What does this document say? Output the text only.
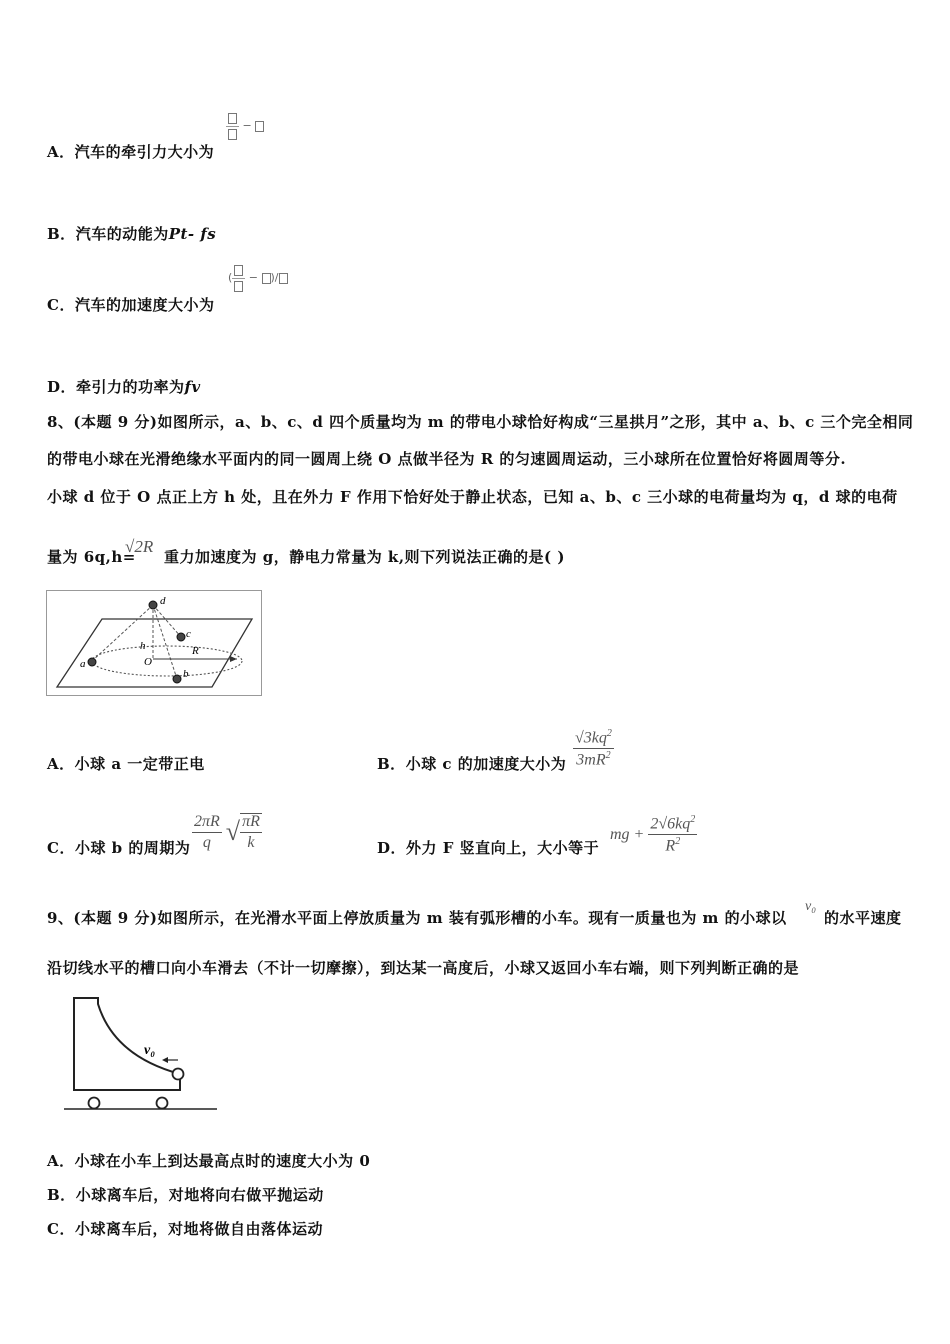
−
A．汽车的牵引力大小为
B．汽车的动能为Pt- fs
(
− )/
C．汽车的加速度大小为
D．牵引力的功率为fv
8、(本题 9 分)如图所示，a、b、c、d 四个质量均为 m 的带电小球恰好构成“三星拱月”之形，其中 a、b、c 三个完全相同
的带电小球在光滑绝缘水平面内的同一圆周上绕 O 点做半径为 R 的匀速圆周运动，三小球所在位置恰好将圆周等分.
小球 d 位于 O 点正上方 h 处，且在外力 F 作用下恰好处于静止状态，已知 a、b、c 三小球的电荷量均为 q，d 球的电荷
量为 6q,h=
√2R
重力加速度为 g，静电力常量为 k,则下列说法正确的是( )
d
c
a
b
h
O
R
A．小球 a 一定带正电	B．小球 c 的加速度大小为 $\frac{√3kq^2}{3mR^2}$
C．小球 b 的周期为 $\frac{2\pi R}{q}$ √ $\frac{\pi R}{k}$	D．外力 F 竖直向上，大小等于
mg + $\frac{2√6kq^2}{R^2}$
9、(本题 9 分)如图所示，在光滑水平面上停放质量为 m 装有弧形槽的小车。现有一质量也为 m 的小球以
v₀
的水平速度
沿切线水平的槽口向小车滑去（不计一切摩擦），到达某一高度后，小球又返回小车右端，则下列判断正确的是
v₀
A．小球在小车上到达最高点时的速度大小为 0
B．小球离车后，对地将向右做平抛运动
C．小球离车后，对地将做自由落体运动
